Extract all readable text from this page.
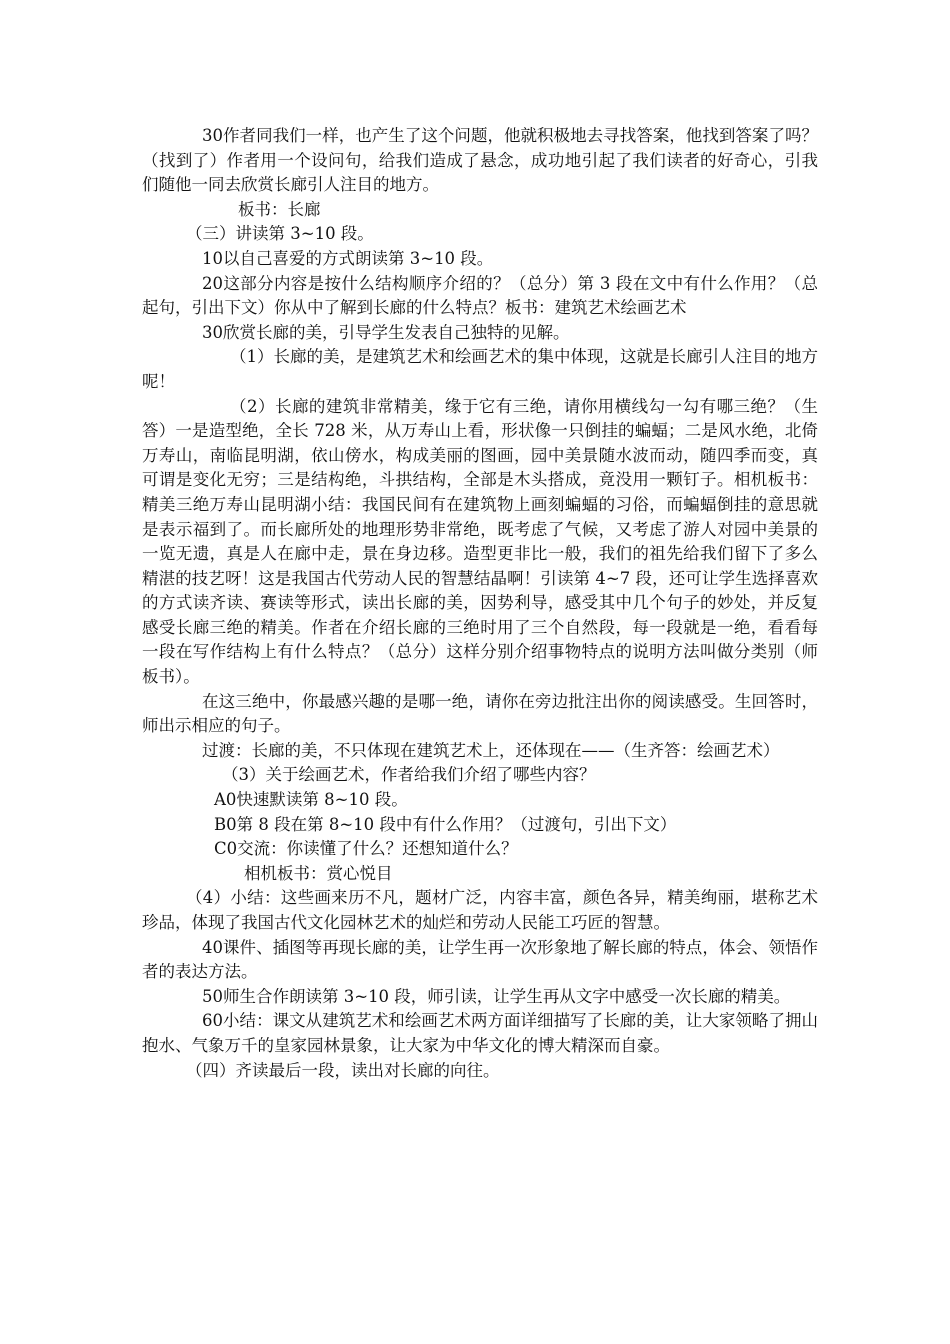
30作者同我们一样，也产生了这个问题，他就积极地去寻找答案，他找到答案了吗？（找到了）作者用一个设问句，给我们造成了悬念，成功地引起了我们读者的好奇心，引我们随他一同去欣赏长廊引人注目的地方。

板书：长廊

（三）讲读第 3~10 段。

10以自己喜爱的方式朗读第 3~10 段。

20这部分内容是按什么结构顺序介绍的？（总分）第 3 段在文中有什么作用？（总起句，引出下文）你从中了解到长廊的什么特点？板书：建筑艺术绘画艺术

30欣赏长廊的美，引导学生发表自己独特的见解。

（1）长廊的美，是建筑艺术和绘画艺术的集中体现，这就是长廊引人注目的地方呢！

（2）长廊的建筑非常精美，缘于它有三绝，请你用横线勾一勾有哪三绝？（生答）一是造型绝，全长 728 米，从万寿山上看，形状像一只倒挂的蝙蝠；二是风水绝，北倚万寿山，南临昆明湖，依山傍水，构成美丽的图画，园中美景随水波而动，随四季而变，真可谓是变化无穷；三是结构绝，斗拱结构，全部是木头搭成，竟没用一颗钉子。相机板书：精美三绝万寿山昆明湖小结：我国民间有在建筑物上画刻蝙蝠的习俗，而蝙蝠倒挂的意思就是表示福到了。而长廊所处的地理形势非常绝，既考虑了气候，又考虑了游人对园中美景的一览无遗，真是人在廊中走，景在身边移。造型更非比一般，我们的祖先给我们留下了多么精湛的技艺呀！这是我国古代劳动人民的智慧结晶啊！引读第 4~7 段，还可让学生选择喜欢的方式读齐读、赛读等形式，读出长廊的美，因势利导，感受其中几个句子的妙处，并反复感受长廊三绝的精美。作者在介绍长廊的三绝时用了三个自然段，每一段就是一绝，看看每一段在写作结构上有什么特点？（总分）这样分别介绍事物特点的说明方法叫做分类别（师板书）。

在这三绝中，你最感兴趣的是哪一绝，请你在旁边批注出你的阅读感受。生回答时，师出示相应的句子。

过渡：长廊的美，不只体现在建筑艺术上，还体现在——（生齐答：绘画艺术）

（3）关于绘画艺术，作者给我们介绍了哪些内容？

A0快速默读第 8~10 段。

B0第 8 段在第 8~10 段中有什么作用？（过渡句，引出下文）

C0交流：你读懂了什么？还想知道什么？

相机板书：赏心悦目

（4）小结：这些画来历不凡，题材广泛，内容丰富，颜色各异，精美绚丽，堪称艺术珍品，体现了我国古代文化园林艺术的灿烂和劳动人民能工巧匠的智慧。

40课件、插图等再现长廊的美，让学生再一次形象地了解长廊的特点，体会、领悟作者的表达方法。

50师生合作朗读第 3~10 段，师引读，让学生再从文字中感受一次长廊的精美。

60小结：课文从建筑艺术和绘画艺术两方面详细描写了长廊的美，让大家领略了拥山抱水、气象万千的皇家园林景象，让大家为中华文化的博大精深而自豪。

（四）齐读最后一段，读出对长廊的向往。
